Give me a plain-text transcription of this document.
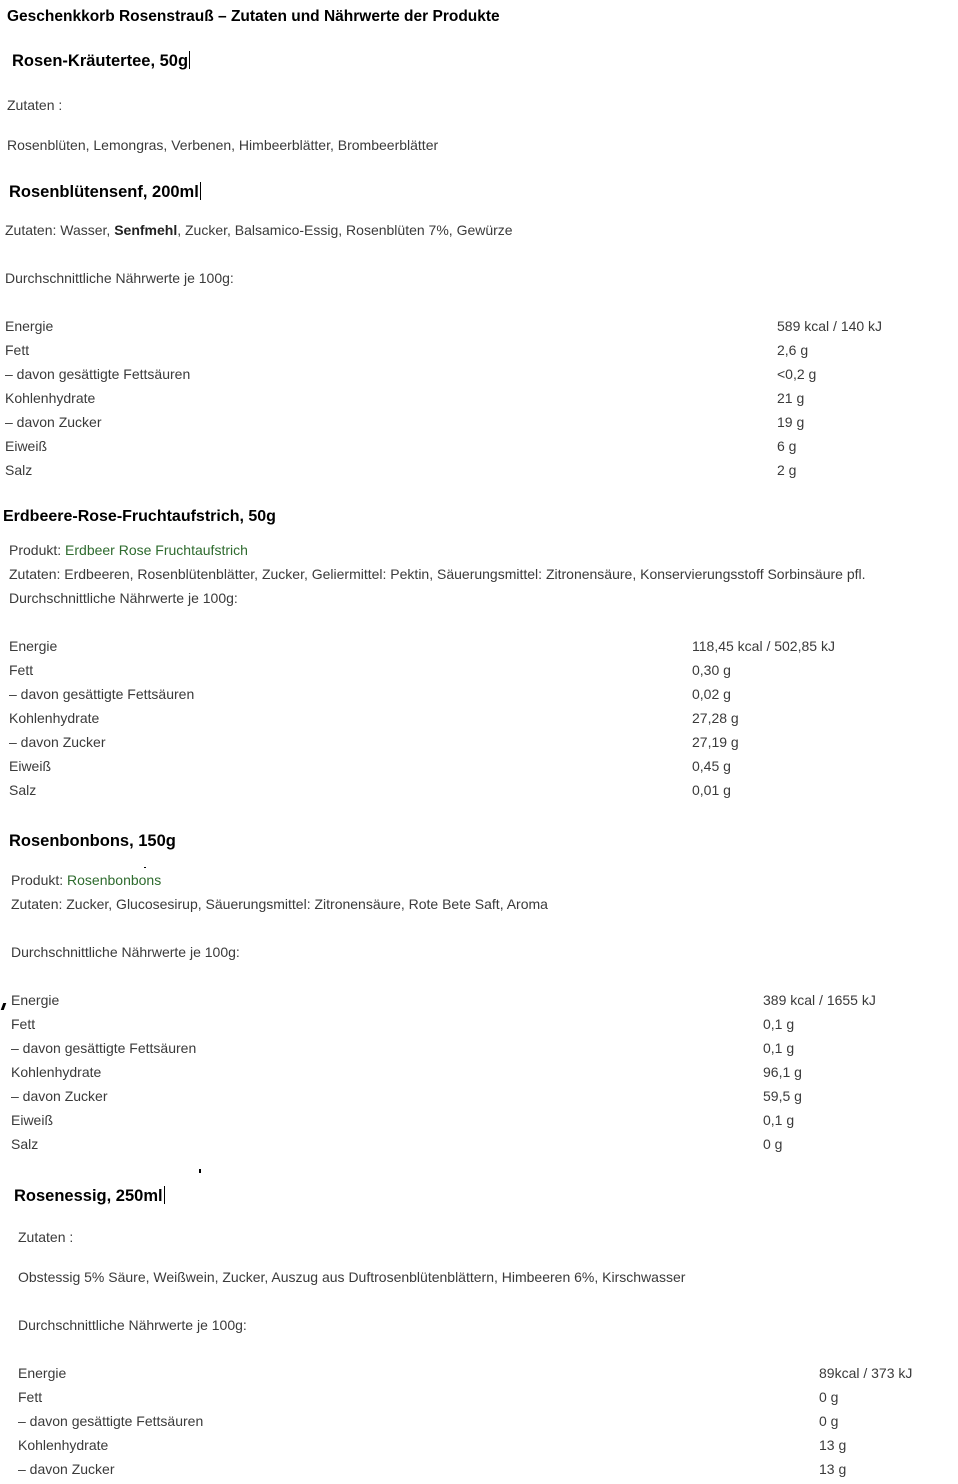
Geschenkkorb Rosenstrauß – Zutaten und Nährwerte der Produkte
Rosen-Kräutertee, 50g
Zutaten :
Rosenblüten, Lemongras, Verbenen, Himbeerblätter, Brombeerblätter
Rosenblütensenf, 200ml
Zutaten: Wasser, Senfmehl, Zucker, Balsamico-Essig, Rosenblüten 7%, Gewürze
Durchschnittliche Nährwerte je 100g:
Energie	589 kcal / 140 kJ
Fett	2,6 g
– davon gesättigte Fettsäuren	<0,2 g
Kohlenhydrate	21 g
– davon Zucker	19 g
Eiweiß	6 g
Salz	2 g
Erdbeere-Rose-Fruchtaufstrich, 50g
Produkt: Erdbeer Rose Fruchtaufstrich
Zutaten: Erdbeeren, Rosenblütenblätter, Zucker, Geliermittel: Pektin, Säuerungsmittel: Zitronensäure, Konservierungsstoff Sorbinsäure pfl.
Durchschnittliche Nährwerte je 100g:
Energie	118,45 kcal / 502,85 kJ
Fett	0,30 g
– davon gesättigte Fettsäuren	0,02 g
Kohlenhydrate	27,28 g
– davon Zucker	27,19 g
Eiweiß	0,45 g
Salz	0,01 g
Rosenbonbons, 150g
Produkt: Rosenbonbons
Zutaten: Zucker, Glucosesirup, Säuerungsmittel: Zitronensäure, Rote Bete Saft, Aroma
Durchschnittliche Nährwerte je 100g:
Energie	389 kcal / 1655 kJ
Fett	0,1 g
– davon gesättigte Fettsäuren	0,1 g
Kohlenhydrate	96,1 g
– davon Zucker	59,5 g
Eiweiß	0,1 g
Salz	0 g
Rosenessig, 250ml
Zutaten :
Obstessig 5% Säure, Weißwein, Zucker, Auszug aus Duftrosenblütenblättern, Himbeeren 6%, Kirschwasser
Durchschnittliche Nährwerte je 100g:
Energie	89kcal / 373 kJ
Fett	0 g
– davon gesättigte Fettsäuren	0 g
Kohlenhydrate	13 g
– davon Zucker	13 g
